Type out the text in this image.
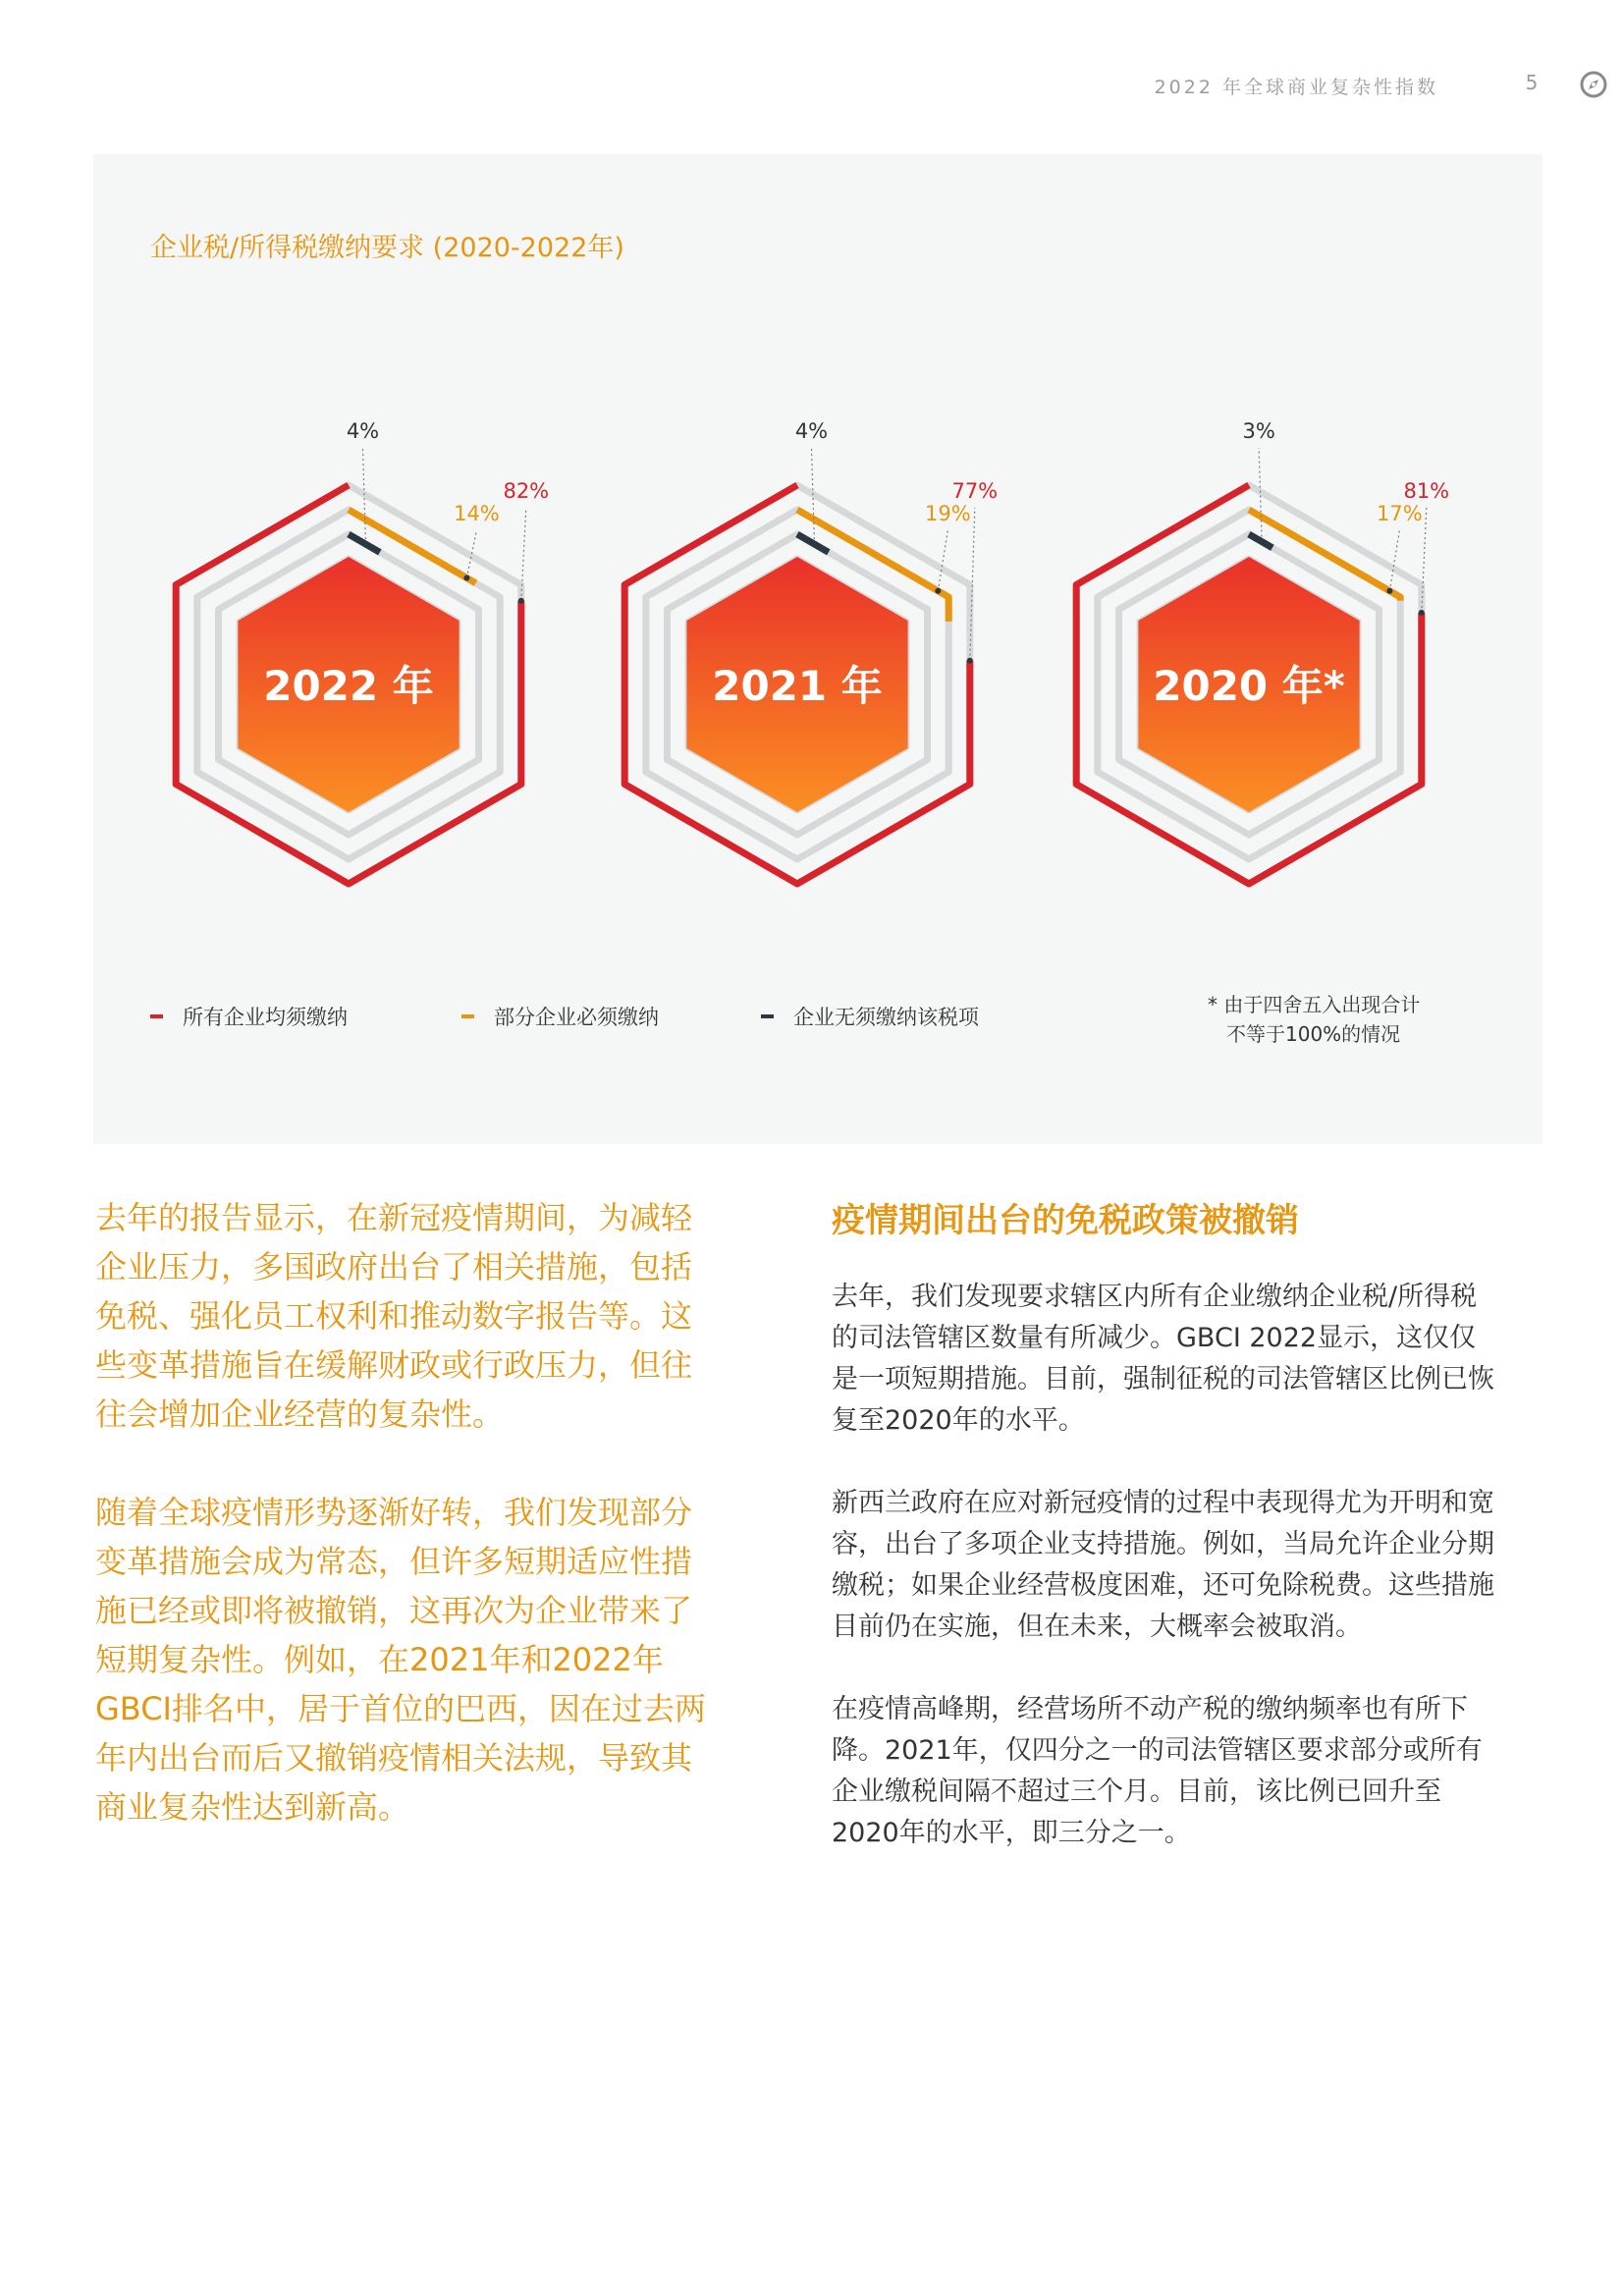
2022 年全球商业复杂性指数	5
企业税/所得税缴纳要求 (2020-2022年)
82%
14%
4%
2022 年
77%
19%
4%
2021 年
81%
17%
3%
2020 年*
所有企业均须缴纳	部分企业必须缴纳	企业无须缴纳该税项
* 由于四舍五入出现合计
不等于100%的情况

去年的报告显示，在新冠疫情期间，为减轻企业压力，多国政府出台了相关措施，包括免税、强化员工权利和推动数字报告等。这些变革措施旨在缓解财政或行政压力，但往往会增加企业经营的复杂性。

随着全球疫情形势逐渐好转，我们发现部分变革措施会成为常态，但许多短期适应性措施已经或即将被撤销，这再次为企业带来了短期复杂性。例如，在2021年和2022年GBCI排名中，居于首位的巴西，因在过去两年内出台而后又撤销疫情相关法规，导致其商业复杂性达到新高。

疫情期间出台的免税政策被撤销

去年，我们发现要求辖区内所有企业缴纳企业税/所得税的司法管辖区数量有所减少。GBCI 2022显示，这仅仅是一项短期措施。目前，强制征税的司法管辖区比例已恢复至2020年的水平。

新西兰政府在应对新冠疫情的过程中表现得尤为开明和宽容，出台了多项企业支持措施。例如，当局允许企业分期缴税；如果企业经营极度困难，还可免除税费。这些措施目前仍在实施，但在未来，大概率会被取消。

在疫情高峰期，经营场所不动产税的缴纳频率也有所下降。2021年，仅四分之一的司法管辖区要求部分或所有企业缴税间隔不超过三个月。目前，该比例已回升至2020年的水平，即三分之一。
